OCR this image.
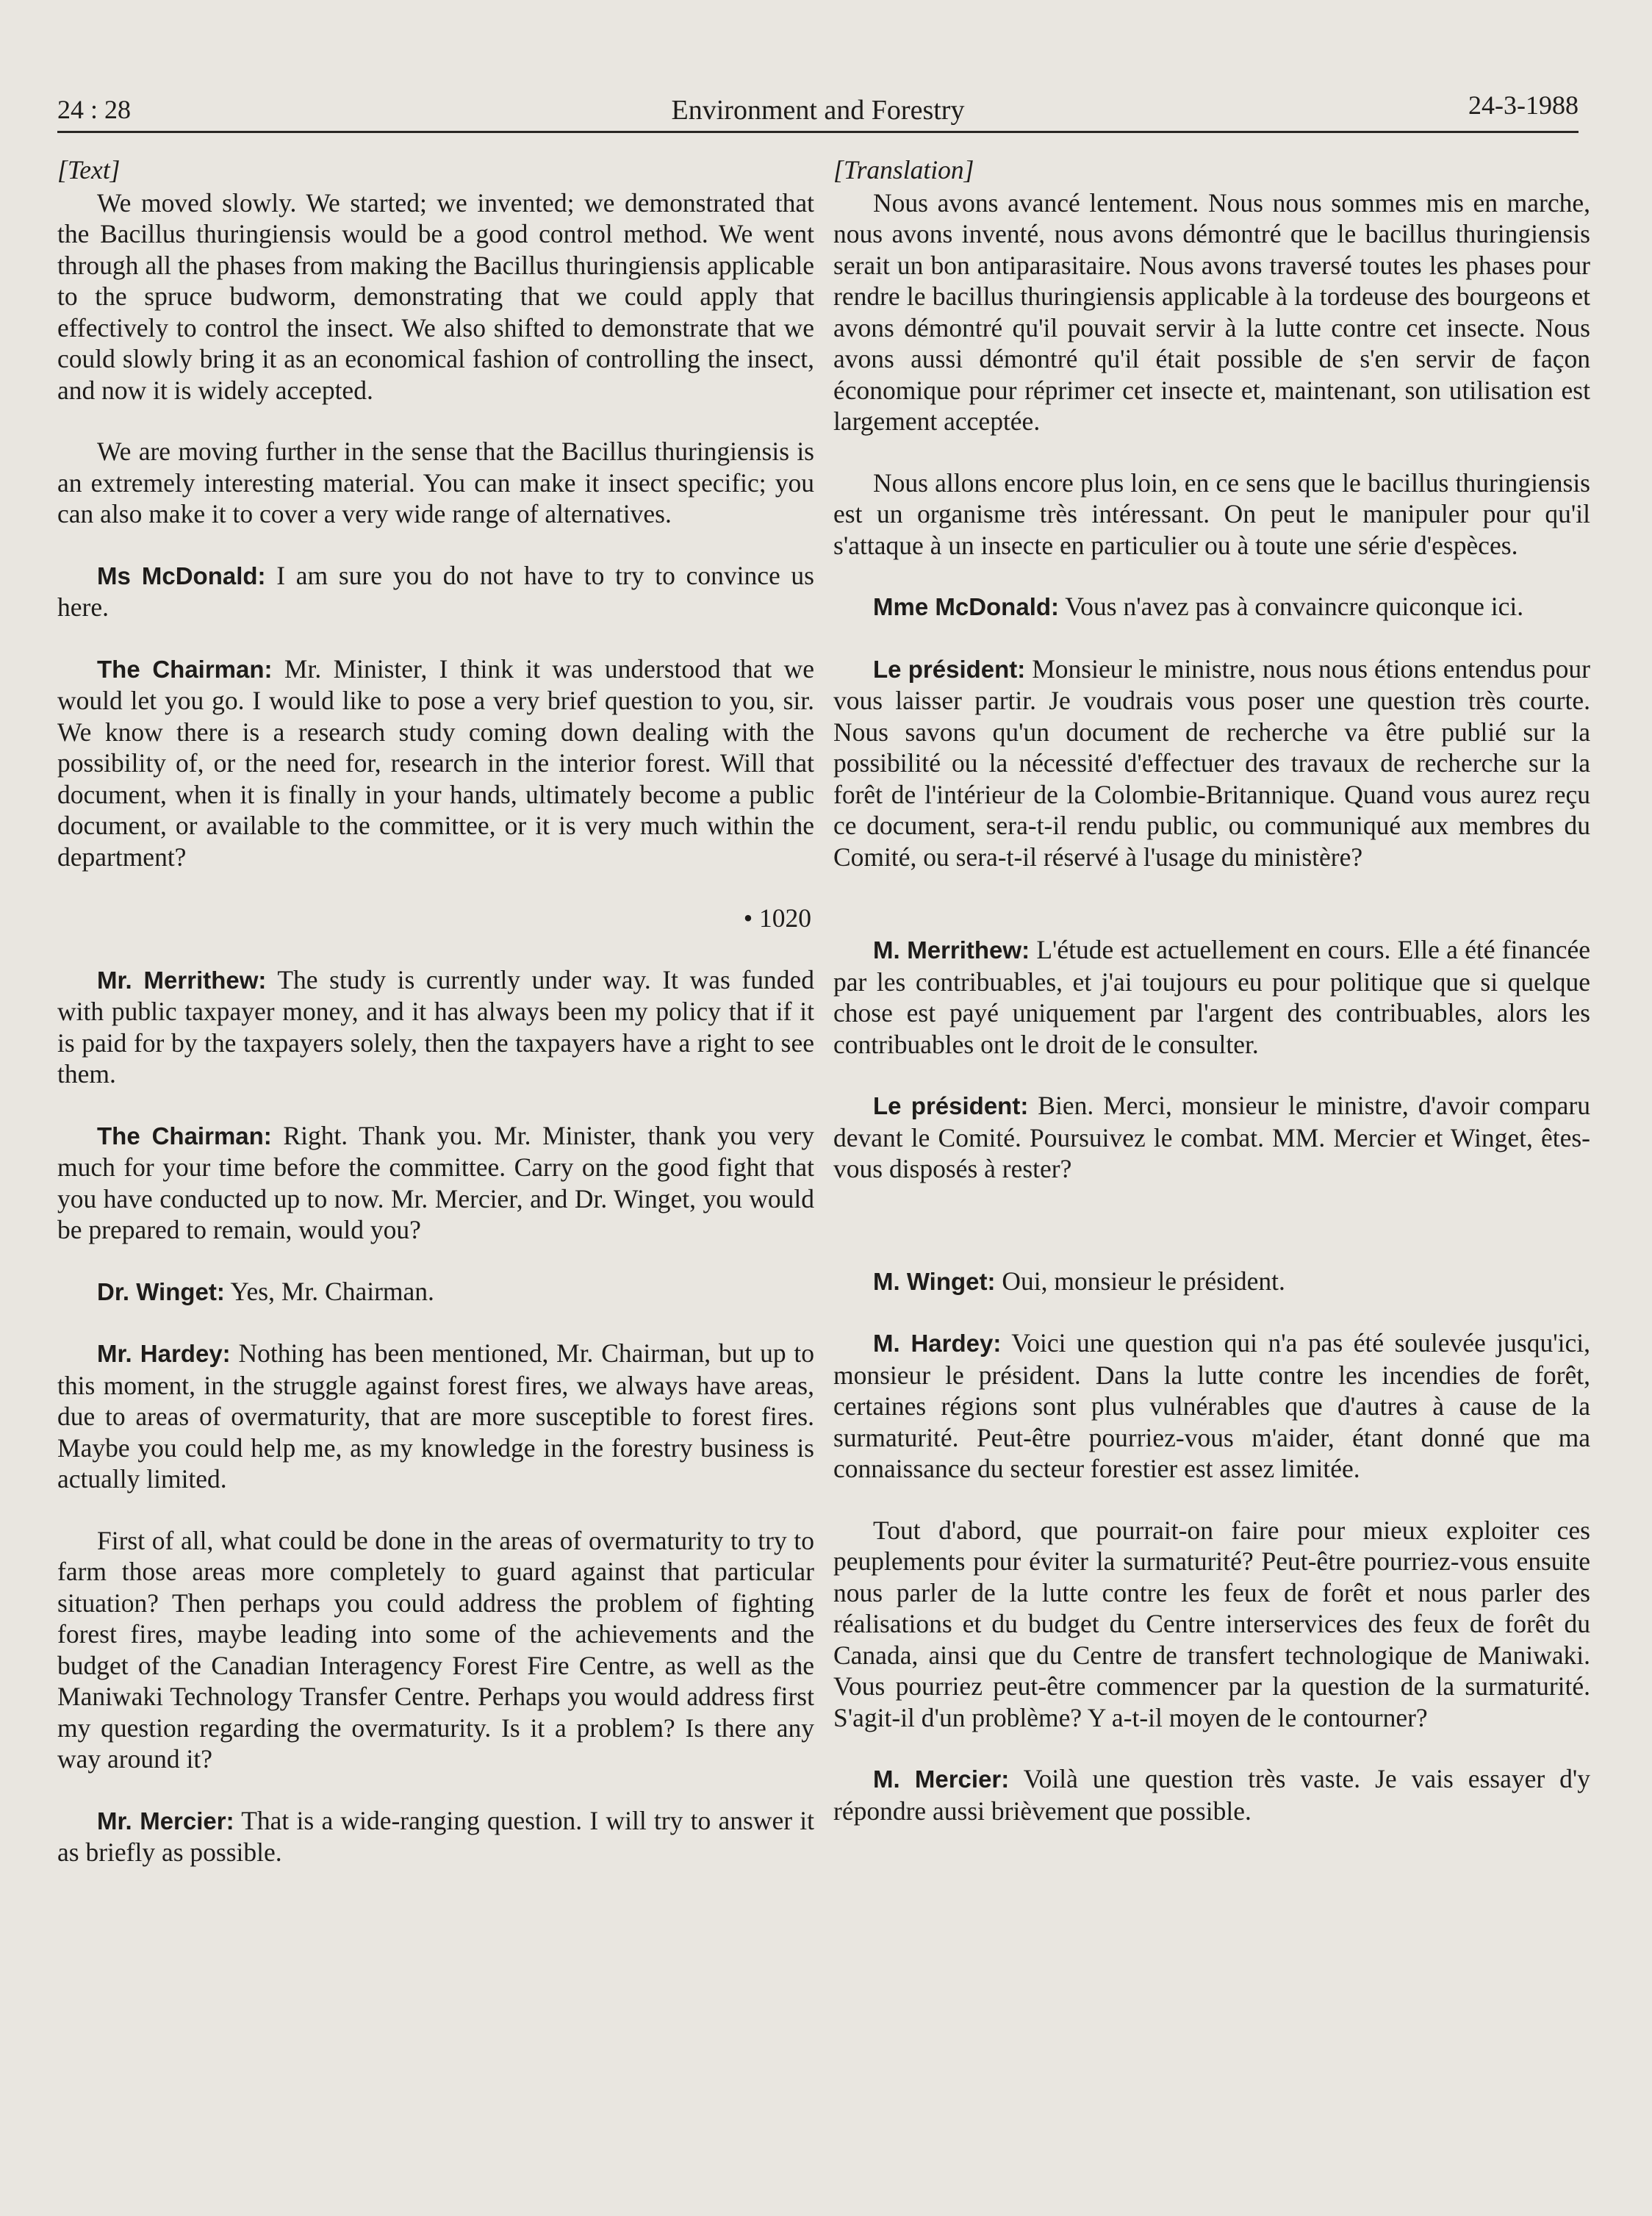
24 : 28	Environment and Forestry	24-3-1988
[Text]

We moved slowly. We started; we invented; we demonstrated that the Bacillus thuringiensis would be a good control method. We went through all the phases from making the Bacillus thuringiensis applicable to the spruce budworm, demonstrating that we could apply that effectively to control the insect. We also shifted to demonstrate that we could slowly bring it as an economical fashion of controlling the insect, and now it is widely accepted.

We are moving further in the sense that the Bacillus thuringiensis is an extremely interesting material. You can make it insect specific; you can also make it to cover a very wide range of alternatives.

Ms McDonald: I am sure you do not have to try to convince us here.

The Chairman: Mr. Minister, I think it was understood that we would let you go. I would like to pose a very brief question to you, sir. We know there is a research study coming down dealing with the possibility of, or the need for, research in the interior forest. Will that document, when it is finally in your hands, ultimately become a public document, or available to the committee, or it is very much within the department?

• 1020

Mr. Merrithew: The study is currently under way. It was funded with public taxpayer money, and it has always been my policy that if it is paid for by the taxpayers solely, then the taxpayers have a right to see them.

The Chairman: Right. Thank you. Mr. Minister, thank you very much for your time before the committee. Carry on the good fight that you have conducted up to now. Mr. Mercier, and Dr. Winget, you would be prepared to remain, would you?

Dr. Winget: Yes, Mr. Chairman.

Mr. Hardey: Nothing has been mentioned, Mr. Chairman, but up to this moment, in the struggle against forest fires, we always have areas, due to areas of overmaturity, that are more susceptible to forest fires. Maybe you could help me, as my knowledge in the forestry business is actually limited.

First of all, what could be done in the areas of overmaturity to try to farm those areas more completely to guard against that particular situation? Then perhaps you could address the problem of fighting forest fires, maybe leading into some of the achievements and the budget of the Canadian Interagency Forest Fire Centre, as well as the Maniwaki Technology Transfer Centre. Perhaps you would address first my question regarding the overmaturity. Is it a problem? Is there any way around it?

Mr. Mercier: That is a wide-ranging question. I will try to answer it as briefly as possible.

[Translation]

Nous avons avancé lentement. Nous nous sommes mis en marche, nous avons inventé, nous avons démontré que le bacillus thuringiensis serait un bon antiparasitaire. Nous avons traversé toutes les phases pour rendre le bacillus thuringiensis applicable à la tordeuse des bourgeons et avons démontré qu'il pouvait servir à la lutte contre cet insecte. Nous avons aussi démontré qu'il était possible de s'en servir de façon économique pour réprimer cet insecte et, maintenant, son utilisation est largement acceptée.

Nous allons encore plus loin, en ce sens que le bacillus thuringiensis est un organisme très intéressant. On peut le manipuler pour qu'il s'attaque à un insecte en particulier ou à toute une série d'espèces.

Mme McDonald: Vous n'avez pas à convaincre quiconque ici.

Le président: Monsieur le ministre, nous nous étions entendus pour vous laisser partir. Je voudrais vous poser une question très courte. Nous savons qu'un document de recherche va être publié sur la possibilité ou la nécessité d'effectuer des travaux de recherche sur la forêt de l'intérieur de la Colombie-Britannique. Quand vous aurez reçu ce document, sera-t-il rendu public, ou communiqué aux membres du Comité, ou sera-t-il réservé à l'usage du ministère?

M. Merrithew: L'étude est actuellement en cours. Elle a été financée par les contribuables, et j'ai toujours eu pour politique que si quelque chose est payé uniquement par l'argent des contribuables, alors les contribuables ont le droit de le consulter.

Le président: Bien. Merci, monsieur le ministre, d'avoir comparu devant le Comité. Poursuivez le combat. MM. Mercier et Winget, êtes-vous disposés à rester?

M. Winget: Oui, monsieur le président.

M. Hardey: Voici une question qui n'a pas été soulevée jusqu'ici, monsieur le président. Dans la lutte contre les incendies de forêt, certaines régions sont plus vulnérables que d'autres à cause de la surmaturité. Peut-être pourriez-vous m'aider, étant donné que ma connaissance du secteur forestier est assez limitée.

Tout d'abord, que pourrait-on faire pour mieux exploiter ces peuplements pour éviter la surmaturité? Peut-être pourriez-vous ensuite nous parler de la lutte contre les feux de forêt et nous parler des réalisations et du budget du Centre interservices des feux de forêt du Canada, ainsi que du Centre de transfert technologique de Maniwaki. Vous pourriez peut-être commencer par la question de la surmaturité. S'agit-il d'un problème? Y a-t-il moyen de le contourner?

M. Mercier: Voilà une question très vaste. Je vais essayer d'y répondre aussi brièvement que possible.
